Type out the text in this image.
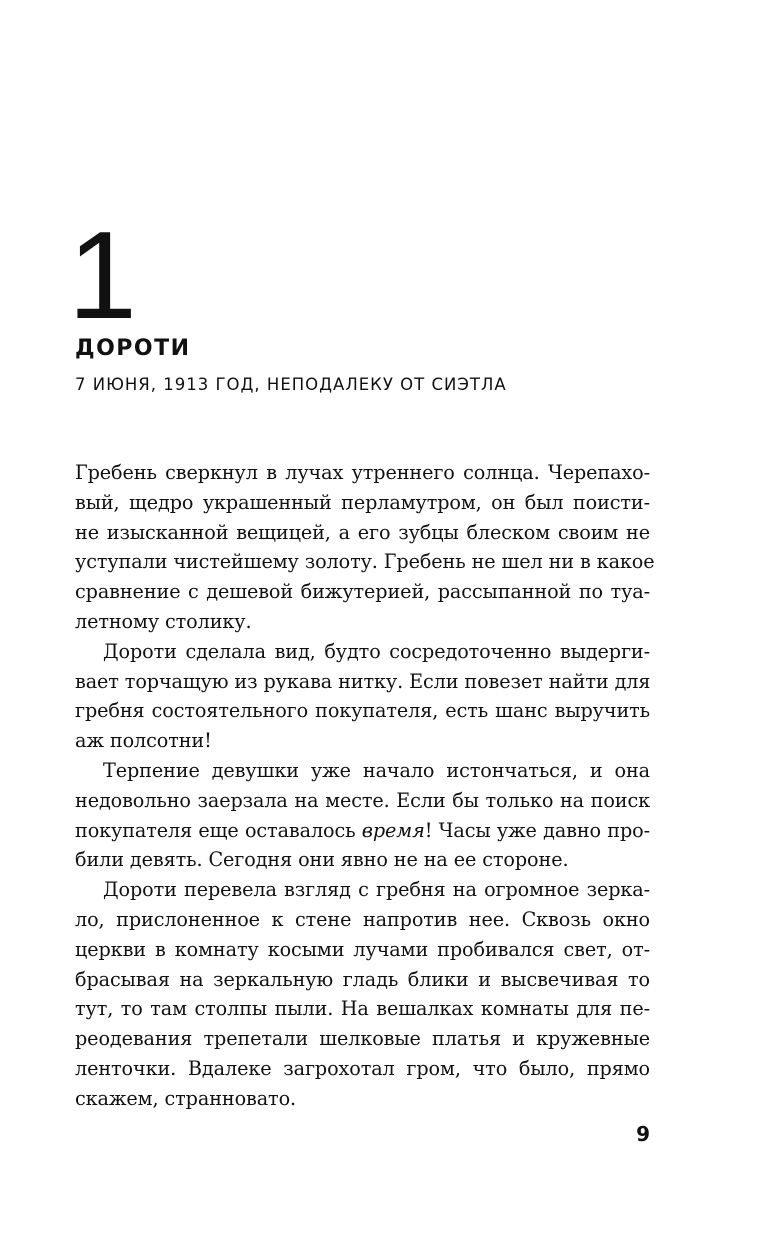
1
ДОРОТИ
7 ИЮНЯ, 1913 ГОД, НЕПОДАЛЕКУ ОТ СИЭТЛА
Гребень сверкнул в лучах утреннего солнца. Черепахо-
вый, щедро украшенный перламутром, он был поисти-
не изысканной вещицей, а его зубцы блеском своим не
уступали чистейшему золоту. Гребень не шел ни в какое
сравнение с дешевой бижутерией, рассыпанной по туа-
летному столику.
Дороти сделала вид, будто сосредоточенно выдерги-
вает торчащую из рукава нитку. Если повезет найти для
гребня состоятельного покупателя, есть шанс выручить
аж полсотни!
Терпение девушки уже начало истончаться, и она
недовольно заерзала на месте. Если бы только на поиск
покупателя еще оставалось время! Часы уже давно про-
били девять. Сегодня они явно не на ее стороне.
Дороти перевела взгляд с гребня на огромное зерка-
ло, прислоненное к стене напротив нее. Сквозь окно
церкви в комнату косыми лучами пробивался свет, от-
брасывая на зеркальную гладь блики и высвечивая то
тут, то там столпы пыли. На вешалках комнаты для пе-
реодевания трепетали шелковые платья и кружевные
ленточки. Вдалеке загрохотал гром, что было, прямо
скажем, странновато.
9
